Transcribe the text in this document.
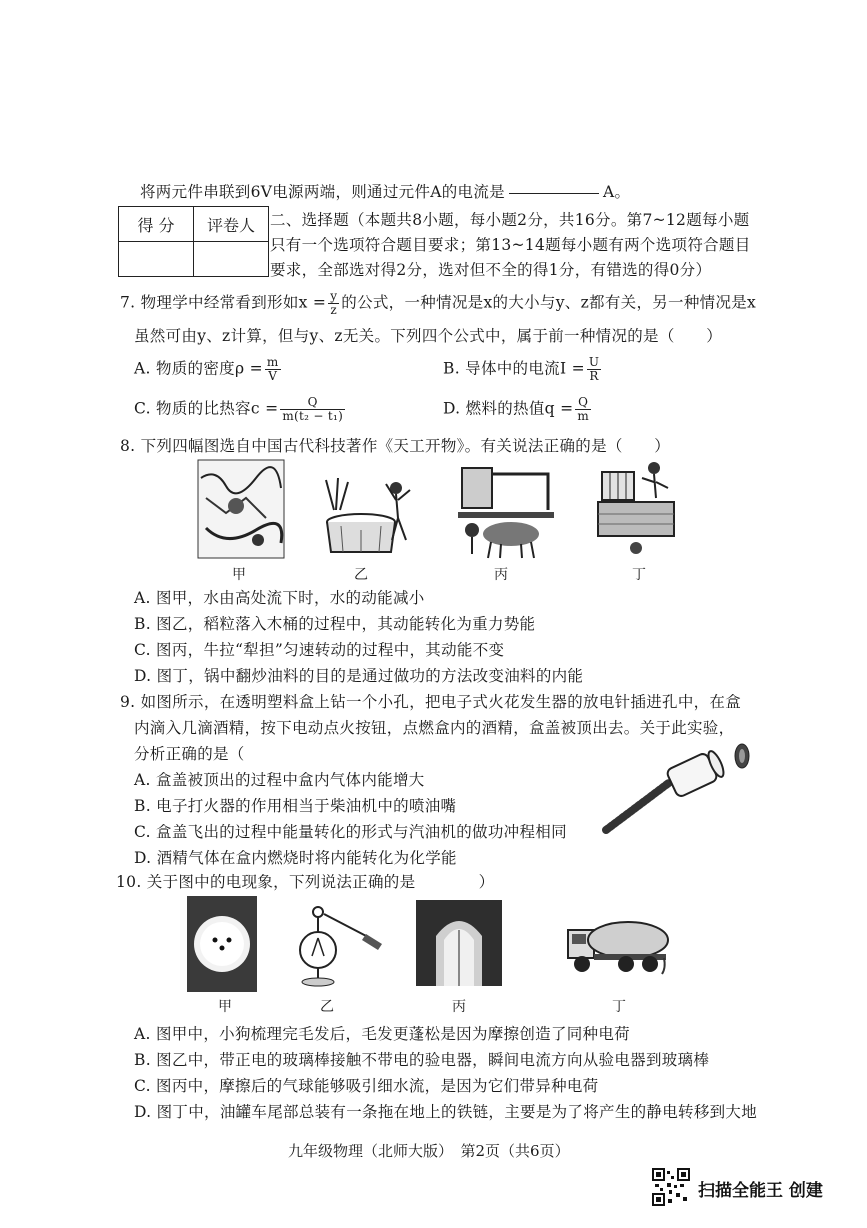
将两元件串联到6V电源两端，则通过元件A的电流是	A。
得 分	评卷人
	二、选择题（本题共8小题，每小题2分，共16分。第7~12题每小题
只有一个选项符合题目要求；第13~14题每小题有两个选项符合题目
要求，全部选对得2分，选对但不全的得1分，有错选的得0分）
7. 物理学中经常看到形如$x = \frac{y}{z}$ 的公式，一种情况是x的大小与y、z都有关，另一种情况是x
虽然可由y、z计算，但与y、z无关。下列四个公式中，属于前一种情况的是（　　）
A. 物质的密度$\rho = \frac{m}{V}$	B. 导体中的电流$I = \frac{U}{R}$
C. 物质的比热容$c = \frac{Q}{\text{m(t₂ − t₁)}}$	D. 燃料的热值$q = \frac{Q}{m}$
8. 下列四幅图选自中国古代科技著作《天工开物》。有关说法正确的是（　　）
甲	乙	丙	丁
A. 图甲，水由高处流下时，水的动能减小
B. 图乙，稻粒落入木桶的过程中，其动能转化为重力势能
C. 图丙，牛拉“犁担”匀速转动的过程中，其动能不变
D. 图丁，锅中翻炒油料的目的是通过做功的方法改变油料的内能
9. 如图所示，在透明塑料盒上钻一个小孔，把电子式火花发生器的放电针插进孔中，在盒
内滴入几滴酒精，按下电动点火按钮，点燃盒内的酒精，盒盖被顶出去。关于此实验，
分析正确的是（
A. 盒盖被顶出的过程中盒内气体内能增大
B. 电子打火器的作用相当于柴油机中的喷油嘴
C. 盒盖飞出的过程中能量转化的形式与汽油机的做功冲程相同
D. 酒精气体在盒内燃烧时将内能转化为化学能
10. 关于图中的电现象，下列说法正确的是　　　　）
甲	乙	丙	丁
A. 图甲中，小狗梳理完毛发后，毛发更蓬松是因为摩擦创造了同种电荷
B. 图乙中，带正电的玻璃棒接触不带电的验电器，瞬间电流方向从验电器到玻璃棒
C. 图丙中，摩擦后的气球能够吸引细水流，是因为它们带异种电荷
D. 图丁中，油罐车尾部总装有一条拖在地上的铁链，主要是为了将产生的静电转移到大地
九年级物理（北师大版）　第2页（共6页）
扫描全能王 创建
